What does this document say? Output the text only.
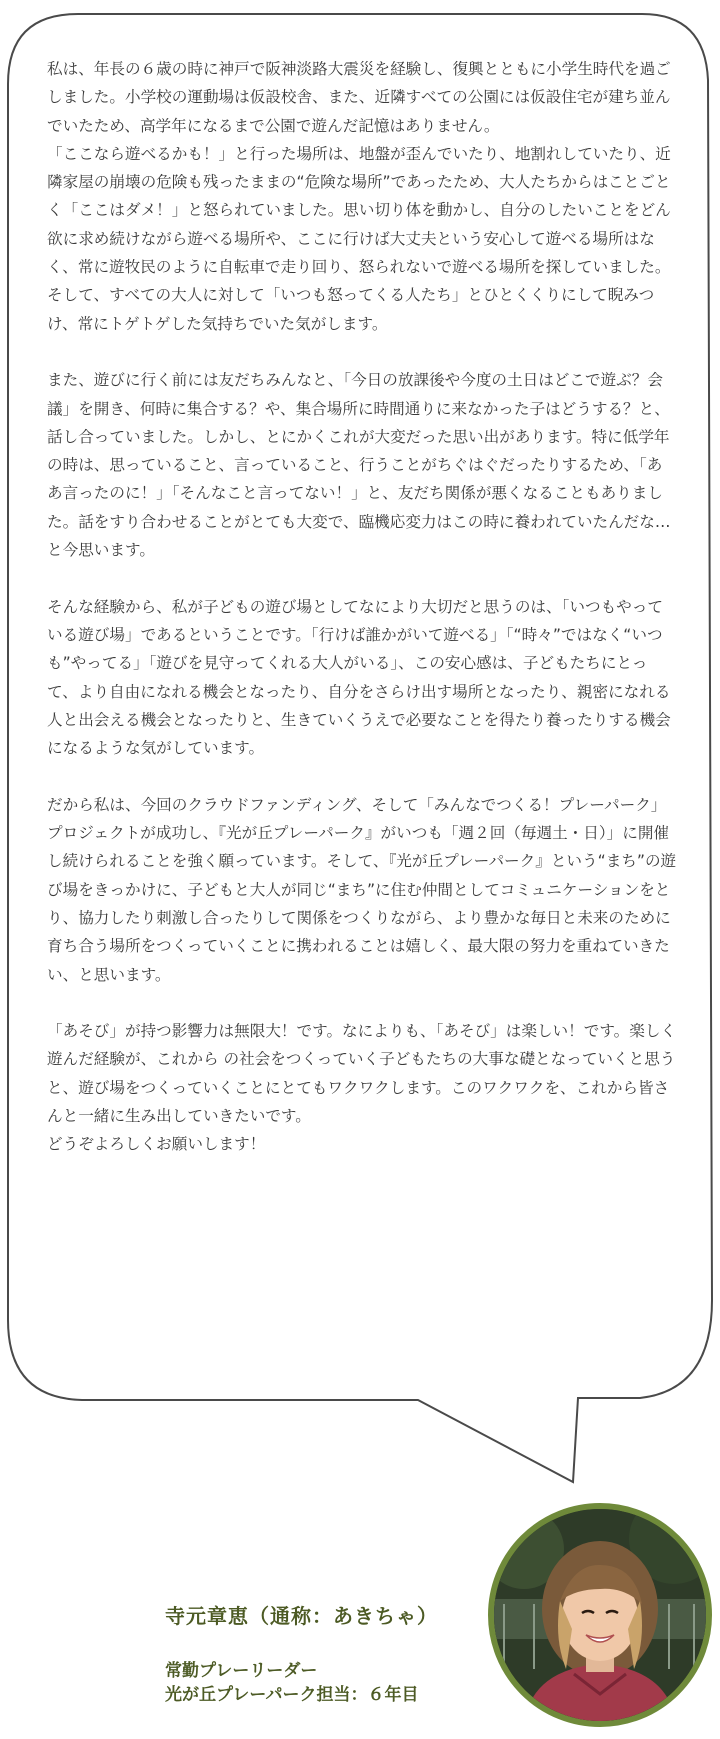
私は、年長の６歳の時に神戸で阪神淡路大震災を経験し、復興とともに小学生時代を過ごしました。小学校の運動場は仮設校舎、また、近隣すべての公園には仮設住宅が建ち並んでいたため、高学年になるまで公園で遊んだ記憶はありません。
「ここなら遊べるかも！」と行った場所は、地盤が歪んでいたり、地割れしていたり、近隣家屋の崩壊の危険も残ったままの“危険な場所”であったため、大人たちからはことごとく「ここはダメ！」と怒られていました。思い切り体を動かし、自分のしたいことをどん欲に求め続けながら遊べる場所や、ここに行けば大丈夫という安心して遊べる場所はなく、常に遊牧民のように自転車で走り回り、怒られないで遊べる場所を探していました。そして、すべての大人に対して「いつも怒ってくる人たち」とひとくくりにして睨みつけ、常にトゲトゲした気持ちでいた気がします。

また、遊びに行く前には友だちみんなと、「今日の放課後や今度の土日はどこで遊ぶ？会議」を開き、何時に集合する？や、集合場所に時間通りに来なかった子はどうする？と、話し合っていました。しかし、とにかくこれが大変だった思い出があります。特に低学年の時は、思っていること、言っていること、行うことがちぐはぐだったりするため、「ああ言ったのに！」「そんなこと言ってない！」と、友だち関係が悪くなることもありました。話をすり合わせることがとても大変で、臨機応変力はこの時に養われていたんだな…と今思います。

そんな経験から、私が子どもの遊び場としてなにより大切だと思うのは、「いつもやっている遊び場」であるということです。「行けば誰かがいて遊べる」「“時々”ではなく“いつも”やってる」「遊びを見守ってくれる大人がいる」、この安心感は、子どもたちにとって、より自由になれる機会となったり、自分をさらけ出す場所となったり、親密になれる人と出会える機会となったりと、生きていくうえで必要なことを得たり養ったりする機会になるような気がしています。

だから私は、今回のクラウドファンディング、そして「みんなでつくる！プレーパーク」プロジェクトが成功し、『光が丘プレーパーク』がいつも「週２回（毎週土・日）」に開催し続けられることを強く願っています。そして、『光が丘プレーパーク』という“まち”の遊び場をきっかけに、子どもと大人が同じ“まち”に住む仲間としてコミュニケーションをとり、協力したり刺激し合ったりして関係をつくりながら、より豊かな毎日と未来のために育ち合う場所をつくっていくことに携われることは嬉しく、最大限の努力を重ねていきたい、と思います。

「あそび」が持つ影響力は無限大！です。なによりも、「あそび」は楽しい！です。楽しく遊んだ経験が、これから の社会をつくっていく子どもたちの大事な礎となっていくと思うと、遊び場をつくっていくことにとてもワクワクします。このワクワクを、これから皆さんと一緒に生み出していきたいです。
どうぞよろしくお願いします！

寺元章恵（通称：あきちゃ）
常勤プレーリーダー
光が丘プレーパーク担当：６年目
